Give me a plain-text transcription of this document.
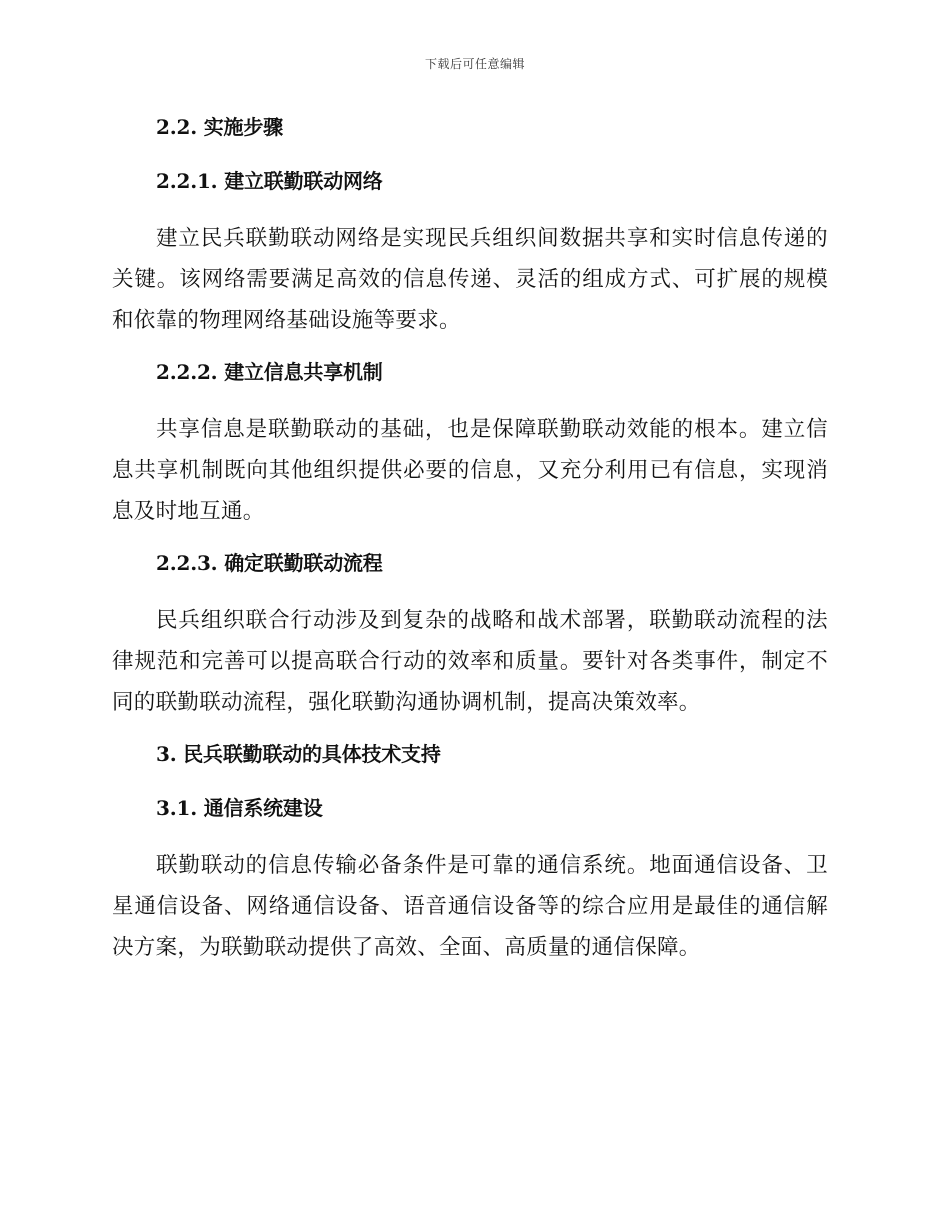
下载后可任意编辑
2.2. 实施步骤
2.2.1. 建立联勤联动网络

建立民兵联勤联动网络是实现民兵组织间数据共享和实时信息传递的关键。该网络需要满足高效的信息传递、灵活的组成方式、可扩展的规模和依靠的物理网络基础设施等要求。

2.2.2. 建立信息共享机制

共享信息是联勤联动的基础，也是保障联勤联动效能的根本。建立信息共享机制既向其他组织提供必要的信息，又充分利用已有信息，实现消息及时地互通。

2.2.3. 确定联勤联动流程

民兵组织联合行动涉及到复杂的战略和战术部署，联勤联动流程的法律规范和完善可以提高联合行动的效率和质量。要针对各类事件，制定不同的联勤联动流程，强化联勤沟通协调机制，提高决策效率。

3. 民兵联勤联动的具体技术支持
3.1. 通信系统建设

联勤联动的信息传输必备条件是可靠的通信系统。地面通信设备、卫星通信设备、网络通信设备、语音通信设备等的综合应用是最佳的通信解决方案，为联勤联动提供了高效、全面、高质量的通信保障。
